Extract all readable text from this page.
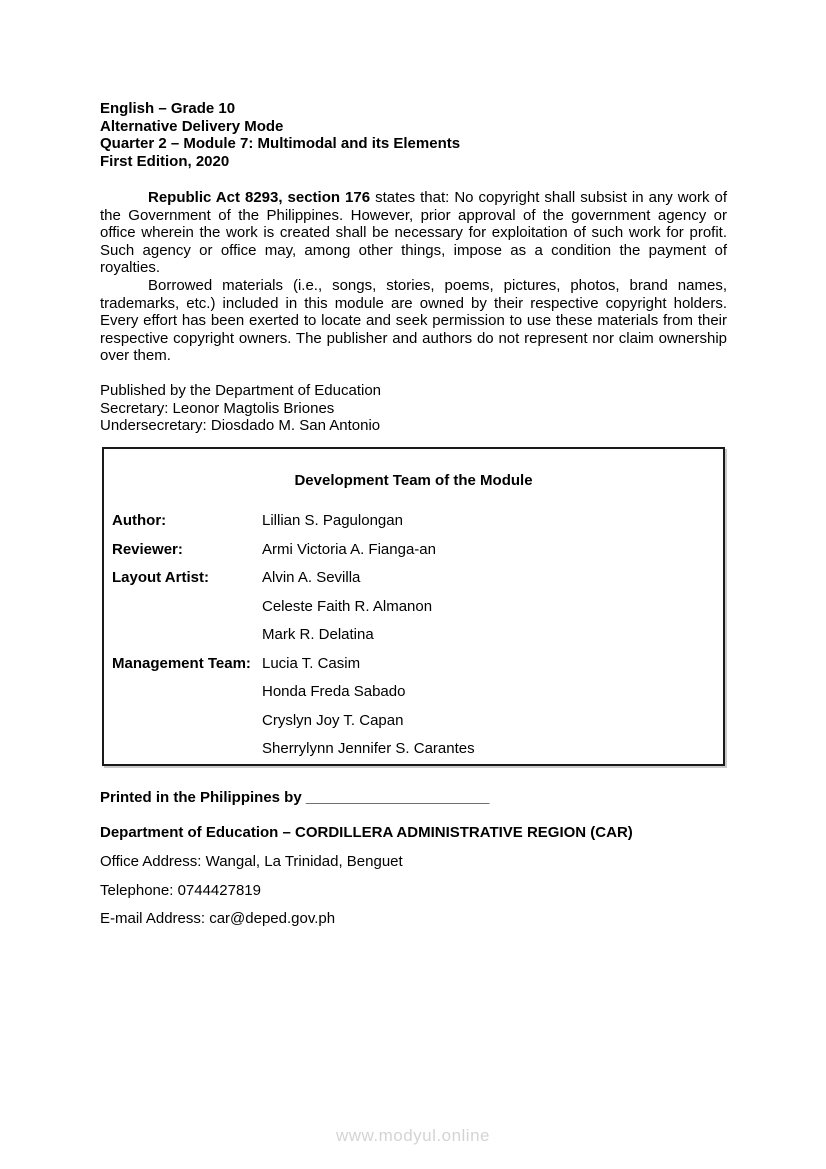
English – Grade 10
Alternative Delivery Mode
Quarter 2 – Module 7: Multimodal and its Elements
First Edition, 2020

Republic Act 8293, section 176 states that: No copyright shall subsist in any work of the Government of the Philippines. However, prior approval of the government agency or office wherein the work is created shall be necessary for exploitation of such work for profit. Such agency or office may, among other things, impose as a condition the payment of royalties.

Borrowed materials (i.e., songs, stories, poems, pictures, photos, brand names, trademarks, etc.) included in this module are owned by their respective copyright holders. Every effort has been exerted to locate and seek permission to use these materials from their respective copyright owners. The publisher and authors do not represent nor claim ownership over them.

Published by the Department of Education
Secretary: Leonor Magtolis Briones
Undersecretary: Diosdado M. San Antonio
Development Team of the Module
Author:	Lillian S. Pagulongan
Reviewer:	Armi Victoria A. Fianga-an
Layout Artist:	Alvin A. Sevilla
Celeste Faith R. Almanon
Mark R. Delatina
Management Team: Lucia T. Casim
Honda Freda Sabado
Cryslyn Joy T. Capan
Sherrylynn Jennifer S. Carantes
Printed in the Philippines by ______________________
Department of Education – CORDILLERA ADMINISTRATIVE REGION (CAR)
Office Address: Wangal, La Trinidad, Benguet
Telephone: 0744427819
E-mail Address: car@deped.gov.ph
www.modyul.online
